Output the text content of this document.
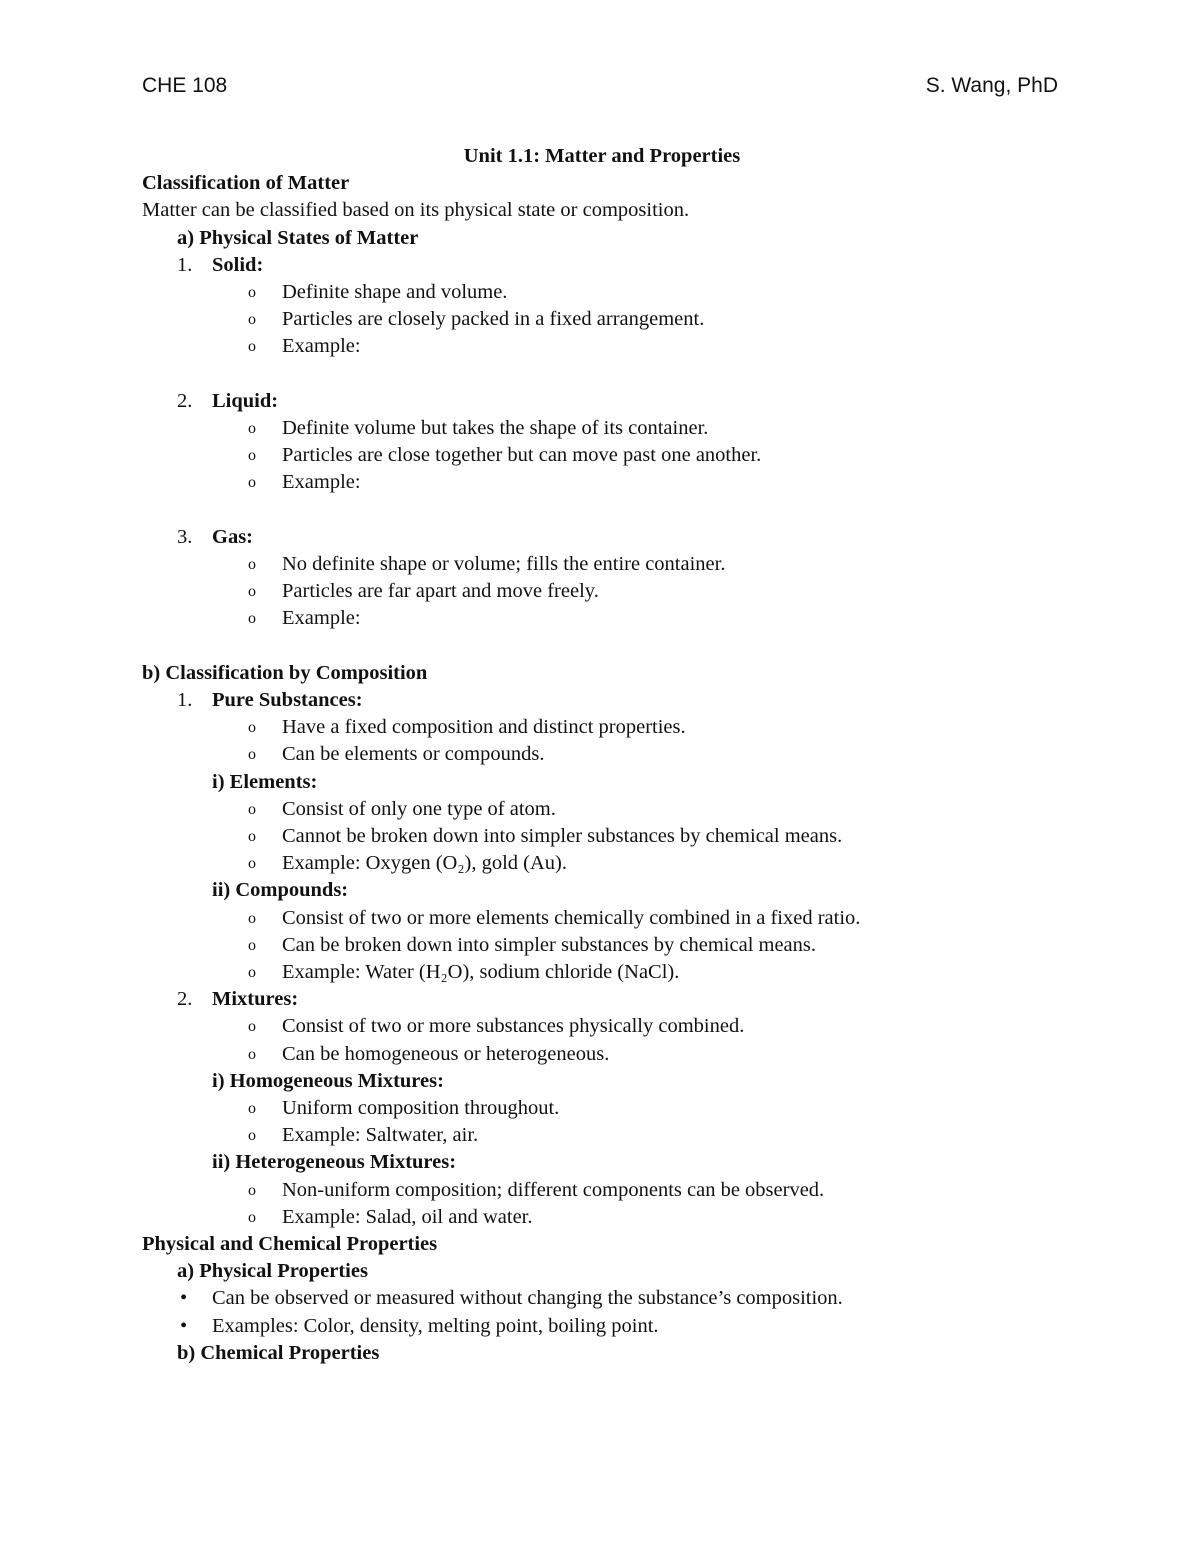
CHE 108	S. Wang, PhD
Unit 1.1: Matter and Properties
Classification of Matter
Matter can be classified based on its physical state or composition.
a) Physical States of Matter
1. Solid:
o Definite shape and volume.
o Particles are closely packed in a fixed arrangement.
o Example:
2. Liquid:
o Definite volume but takes the shape of its container.
o Particles are close together but can move past one another.
o Example:
3. Gas:
o No definite shape or volume; fills the entire container.
o Particles are far apart and move freely.
o Example:
b) Classification by Composition
1. Pure Substances:
o Have a fixed composition and distinct properties.
o Can be elements or compounds.
i) Elements:
o Consist of only one type of atom.
o Cannot be broken down into simpler substances by chemical means.
o Example: Oxygen (O₂), gold (Au).
ii) Compounds:
o Consist of two or more elements chemically combined in a fixed ratio.
o Can be broken down into simpler substances by chemical means.
o Example: Water (H₂O), sodium chloride (NaCl).
2. Mixtures:
o Consist of two or more substances physically combined.
o Can be homogeneous or heterogeneous.
i) Homogeneous Mixtures:
o Uniform composition throughout.
o Example: Saltwater, air.
ii) Heterogeneous Mixtures:
o Non-uniform composition; different components can be observed.
o Example: Salad, oil and water.
Physical and Chemical Properties
a) Physical Properties
• Can be observed or measured without changing the substance’s composition.
• Examples: Color, density, melting point, boiling point.
b) Chemical Properties
